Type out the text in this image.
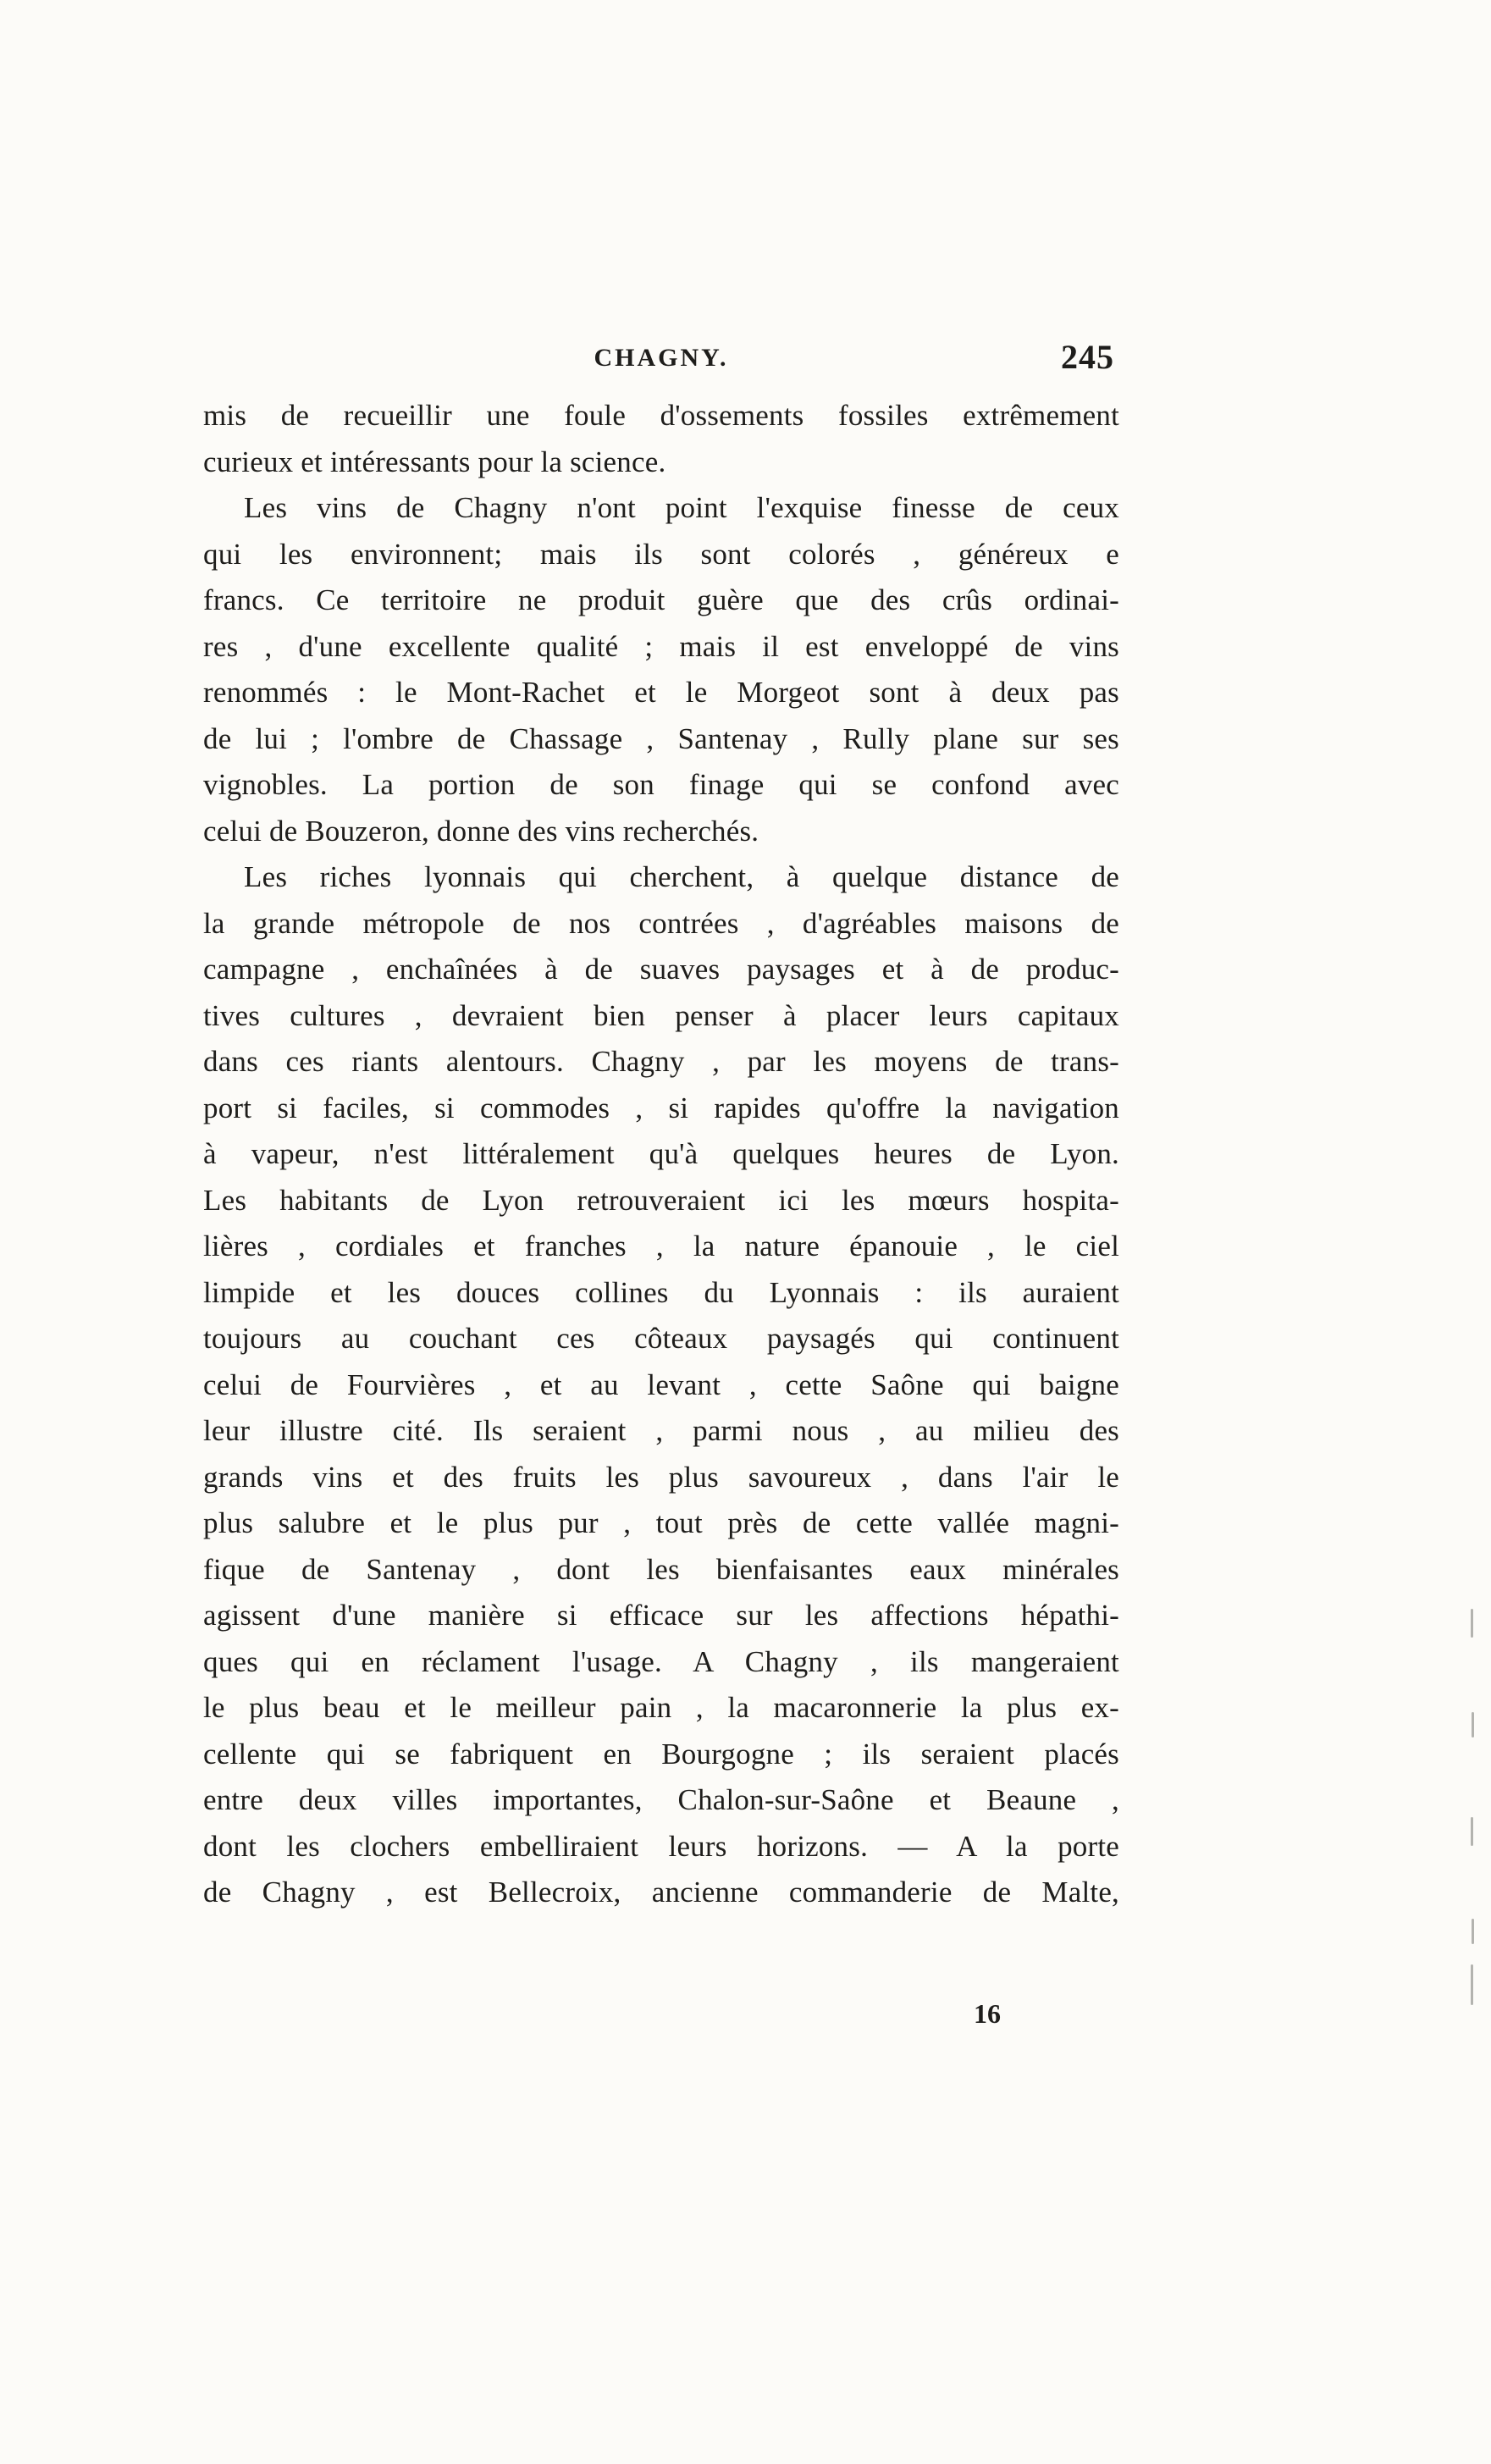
CHAGNY.	245
mis de recueillir une foule d'ossements fossiles extrêmement
curieux et intéressants pour la science.
Les vins de Chagny n'ont point l'exquise finesse de ceux
qui les environnent; mais ils sont colorés , généreux e
francs. Ce territoire ne produit guère que des crûs ordinai-
res , d'une excellente qualité ; mais il est enveloppé de vins
renommés : le Mont-Rachet et le Morgeot sont à deux pas
de lui ; l'ombre de Chassage , Santenay , Rully plane sur ses
vignobles. La portion de son finage qui se confond avec
celui de Bouzeron, donne des vins recherchés.
Les riches lyonnais qui cherchent, à quelque distance de
la grande métropole de nos contrées , d'agréables maisons de
campagne , enchaînées à de suaves paysages et à de produc-
tives cultures , devraient bien penser à placer leurs capitaux
dans ces riants alentours. Chagny , par les moyens de trans-
port si faciles, si commodes , si rapides qu'offre la navigation
à vapeur, n'est littéralement qu'à quelques heures de Lyon.
Les habitants de Lyon retrouveraient ici les mœurs hospita-
lières , cordiales et franches , la nature épanouie , le ciel
limpide et les douces collines du Lyonnais : ils auraient
toujours au couchant ces côteaux paysagés qui continuent
celui de Fourvières , et au levant , cette Saône qui baigne
leur illustre cité. Ils seraient , parmi nous , au milieu des
grands vins et des fruits les plus savoureux , dans l'air le
plus salubre et le plus pur , tout près de cette vallée magni-
fique de Santenay , dont les bienfaisantes eaux minérales
agissent d'une manière si efficace sur les affections hépathi-
ques qui en réclament l'usage. A Chagny , ils mangeraient
le plus beau et le meilleur pain , la macaronnerie la plus ex-
cellente qui se fabriquent en Bourgogne ; ils seraient placés
entre deux villes importantes, Chalon-sur-Saône et Beaune ,
dont les clochers embelliraient leurs horizons. — A la porte
de Chagny , est Bellecroix, ancienne commanderie de Malte,
16
